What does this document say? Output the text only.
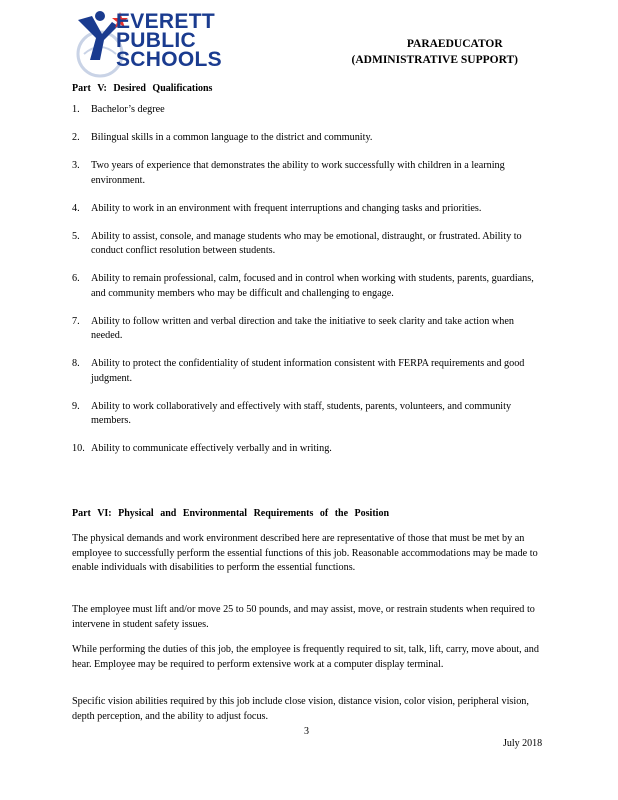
EVERETT
PUBLIC
SCHOOLS
PARAEDUCATOR
(ADMINISTRATIVE SUPPORT)
Part V: Desired Qualifications
1.	Bachelor’s degree
2.	Bilingual skills in a common language to the district and community.
3.	Two years of experience that demonstrates the ability to work successfully with children in a learning environment.
4.	Ability to work in an environment with frequent interruptions and changing tasks and priorities.
5.	Ability to assist, console, and manage students who may be emotional, distraught, or frustrated. Ability to conduct conflict resolution between students.
6.	Ability to remain professional, calm, focused and in control when working with students, parents, guardians, and community members who may be difficult and challenging to engage.
7.	Ability to follow written and verbal direction and take the initiative to seek clarity and take action when needed.
8.	Ability to protect the confidentiality of student information consistent with FERPA requirements and good judgment.
9.	Ability to work collaboratively and effectively with staff, students, parents, volunteers, and community members.
10. Ability to communicate effectively verbally and in writing.
Part VI: Physical and Environmental Requirements of the Position

The physical demands and work environment described here are representative of those that must be met by an employee to successfully perform the essential functions of this job. Reasonable accommodations may be made to enable individuals with disabilities to perform the essential functions.

The employee must lift and/or move 25 to 50 pounds, and may assist, move, or restrain students when required to intervene in student safety issues.

While performing the duties of this job, the employee is frequently required to sit, talk, lift, carry, move about, and hear. Employee may be required to perform extensive work at a computer display terminal.

Specific vision abilities required by this job include close vision, distance vision, color vision, peripheral vision, depth perception, and the ability to adjust focus.

3
July 2018
